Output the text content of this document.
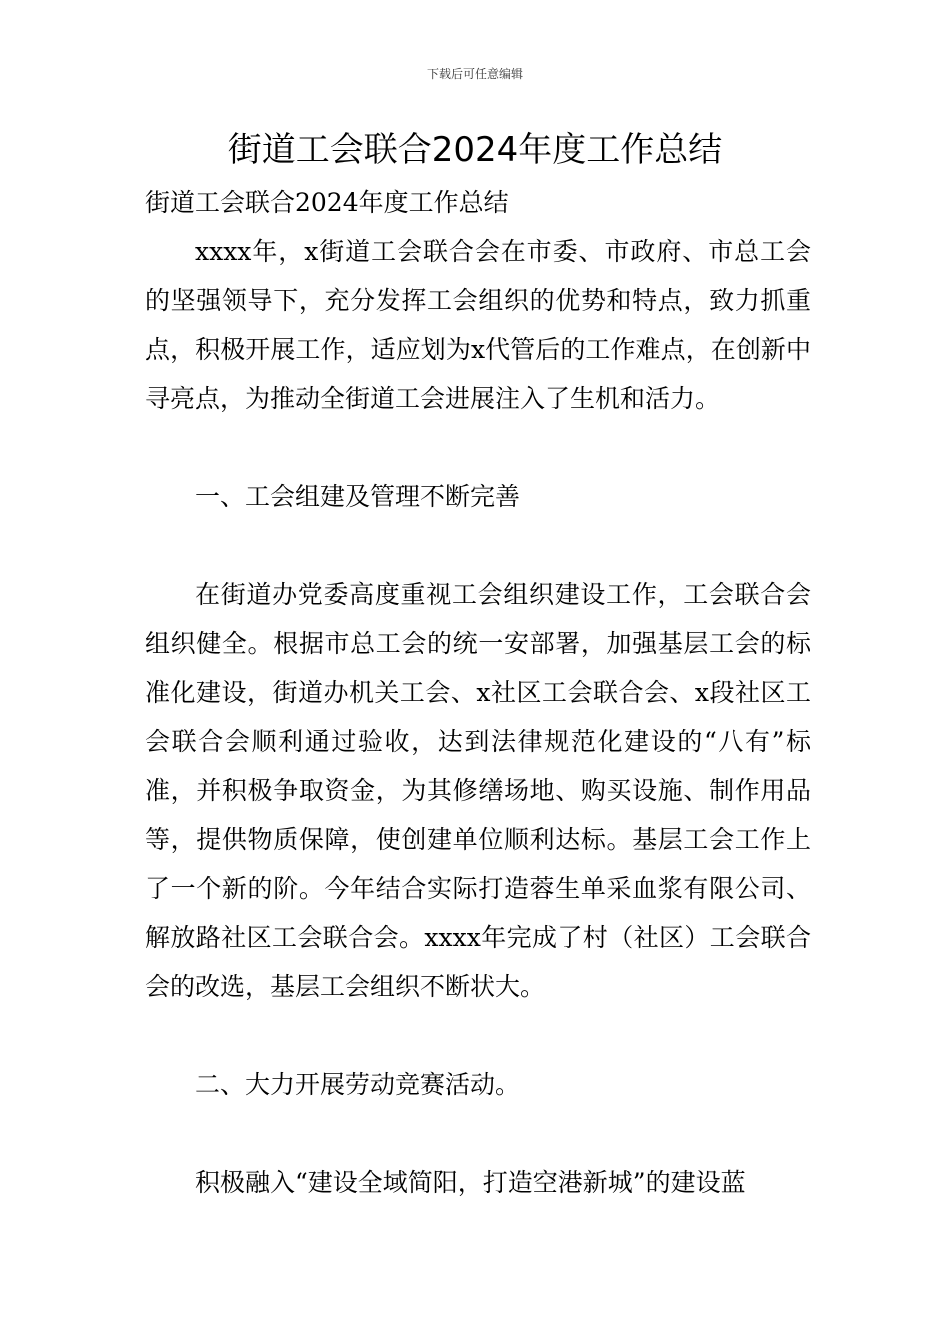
下载后可任意编辑
街道工会联合2024年度工作总结

街道工会联合2024年度工作总结

xxxx年，x街道工会联合会在市委、市政府、市总工会的坚强领导下，充分发挥工会组织的优势和特点，致力抓重点，积极开展工作，适应划为x代管后的工作难点，在创新中寻亮点，为推动全街道工会进展注入了生机和活力。

一、工会组建及管理不断完善

在街道办党委高度重视工会组织建设工作，工会联合会组织健全。根据市总工会的统一安部署，加强基层工会的标准化建设，街道办机关工会、x社区工会联合会、x段社区工会联合会顺利通过验收，达到法律规范化建设的“八有”标准，并积极争取资金，为其修缮场地、购买设施、制作用品等，提供物质保障，使创建单位顺利达标。基层工会工作上了一个新的阶。今年结合实际打造蓉生单采血浆有限公司、解放路社区工会联合会。xxxx年完成了村（社区）工会联合会的改选，基层工会组织不断状大。

二、大力开展劳动竞赛活动。

积极融入“建设全域简阳，打造空港新城”的建设蓝
